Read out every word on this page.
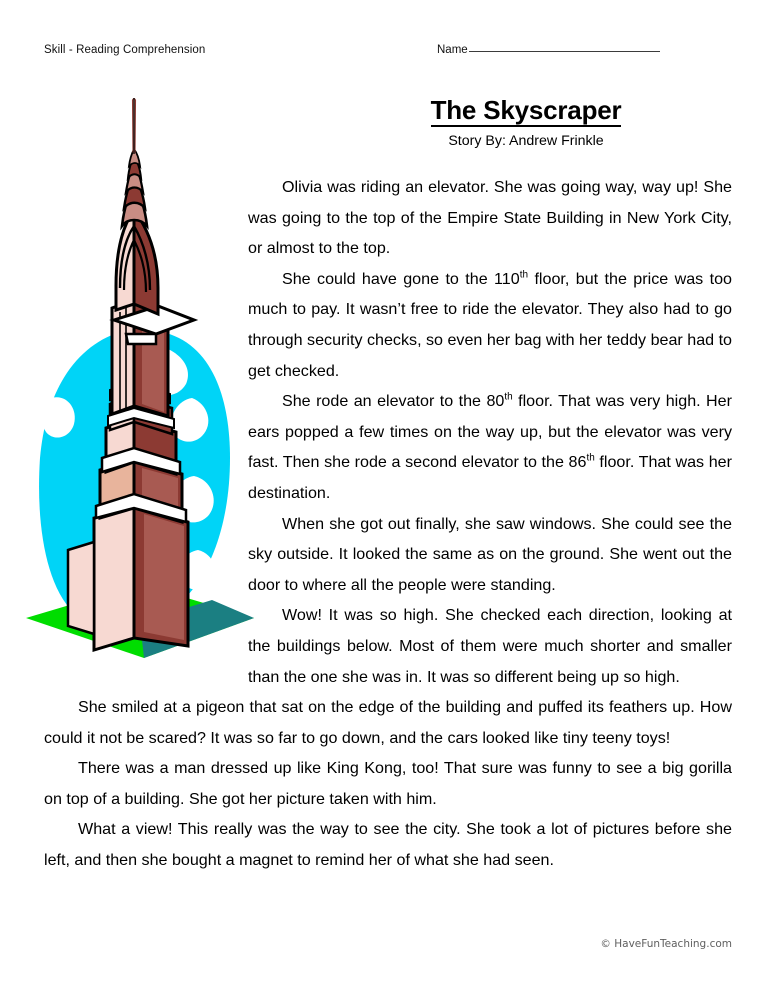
Skill - Reading Comprehension	Name
The Skyscraper
Story By: Andrew Frinkle

Olivia was riding an elevator. She was going way, way up! She was going to the top of the Empire State Building in New York City, or almost to the top.

She could have gone to the 110th floor, but the price was too much to pay. It wasn’t free to ride the elevator. They also had to go through security checks, so even her bag with her teddy bear had to get checked.

She rode an elevator to the 80th floor. That was very high. Her ears popped a few times on the way up, but the elevator was very fast. Then she rode a second elevator to the 86th floor. That was her destination.

When she got out finally, she saw windows. She could see the sky outside. It looked the same as on the ground. She went out the door to where all the people were standing.

Wow! It was so high. She checked each direction, looking at the buildings below. Most of them were much shorter and smaller than the one she was in. It was so different being up so high.

She smiled at a pigeon that sat on the edge of the building and puffed its feathers up. How could it not be scared? It was so far to go down, and the cars looked like tiny teeny toys!

There was a man dressed up like King Kong, too! That sure was funny to see a big gorilla on top of a building. She got her picture taken with him.

What a view! This really was the way to see the city. She took a lot of pictures before she left, and then she bought a magnet to remind her of what she had seen.

© HaveFunTeaching.com
